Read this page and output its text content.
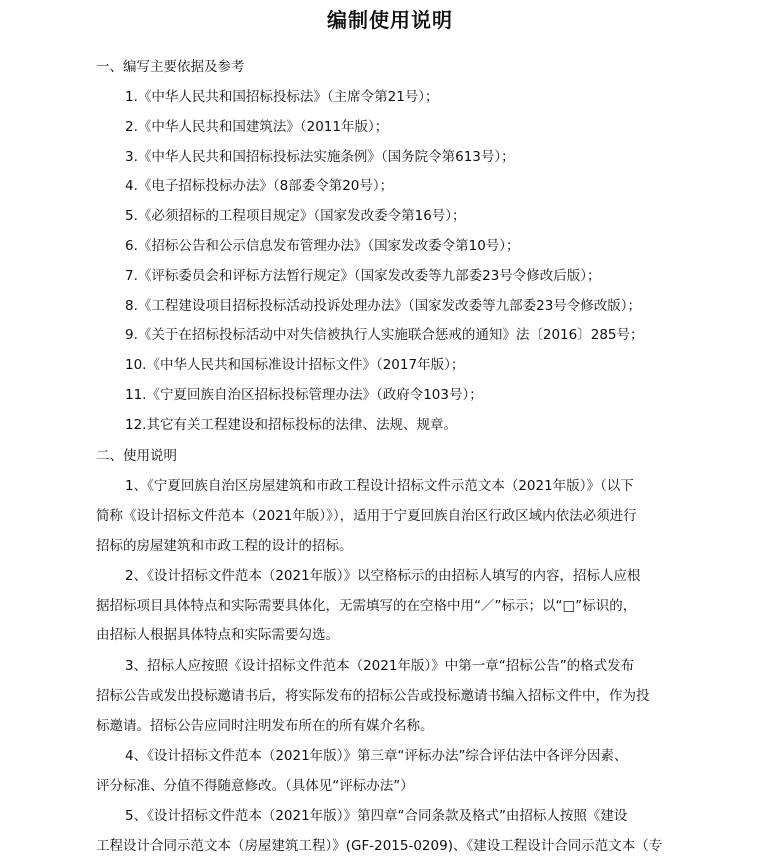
编制使用说明
一、编写主要依据及参考
1.《中华人民共和国招标投标法》（主席令第21号）；
2.《中华人民共和国建筑法》（2011年版）；
3.《中华人民共和国招标投标法实施条例》（国务院令第613号）；
4.《电子招标投标办法》（8部委令第20号）；
5.《必须招标的工程项目规定》（国家发改委令第16号）；
6.《招标公告和公示信息发布管理办法》（国家发改委令第10号）；
7.《评标委员会和评标方法暂行规定》（国家发改委等九部委23号令修改后版）；
8.《工程建设项目招标投标活动投诉处理办法》（国家发改委等九部委23号令修改版）；
9.《关于在招标投标活动中对失信被执行人实施联合惩戒的通知》法〔2016〕285号；
10.《中华人民共和国标准设计招标文件》（2017年版）；
11.《宁夏回族自治区招标投标管理办法》（政府令103号）；
12.其它有关工程建设和招标投标的法律、法规、规章。
二、使用说明
1、《宁夏回族自治区房屋建筑和市政工程设计招标文件示范文本（2021年版）》（以下
简称《设计招标文件范本（2021年版）》），适用于宁夏回族自治区行政区域内依法必须进行
招标的房屋建筑和市政工程的设计的招标。
2、《设计招标文件范本（2021年版）》以空格标示的由招标人填写的内容，招标人应根
据招标项目具体特点和实际需要具体化，无需填写的在空格中用“／”标示；以“□”标识的，
由招标人根据具体特点和实际需要勾选。
3、招标人应按照《设计招标文件范本（2021年版）》中第一章“招标公告”的格式发布
招标公告或发出投标邀请书后，将实际发布的招标公告或投标邀请书编入招标文件中，作为投
标邀请。招标公告应同时注明发布所在的所有媒介名称。
4、《设计招标文件范本（2021年版）》第三章“评标办法”综合评估法中各评分因素、
评分标准、分值不得随意修改。（具体见“评标办法”）
5、《设计招标文件范本（2021年版）》第四章“合同条款及格式”由招标人按照《建设
工程设计合同示范文本（房屋建筑工程）》(GF-2015-0209)、《建设工程设计合同示范文本（专
